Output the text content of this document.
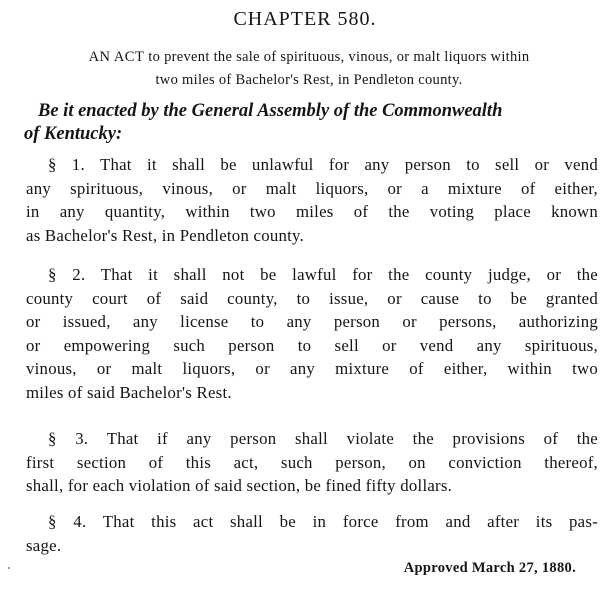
CHAPTER 580.
AN ACT to prevent the sale of spirituous, vinous, or malt liquors within
two miles of Bachelor's Rest, in Pendleton county.
Be it enacted by the General Assembly of the Commonwealth
of Kentucky:
§ 1. That it shall be unlawful for any person to sell or vend
any spirituous, vinous, or malt liquors, or a mixture of either,
in any quantity, within two miles of the voting place known
as Bachelor's Rest, in Pendleton county.
§ 2. That it shall not be lawful for the county judge, or the
county court of said county, to issue, or cause to be granted
or issued, any license to any person or persons, authorizing
or empowering such person to sell or vend any spirituous,
vinous, or malt liquors, or any mixture of either, within two
miles of said Bachelor's Rest.
§ 3. That if any person shall violate the provisions of the
first section of this act, such person, on conviction thereof,
shall, for each violation of said section, be fined fifty dollars.
§ 4. That this act shall be in force from and after its pas-
sage.
Approved March 27, 1880.
